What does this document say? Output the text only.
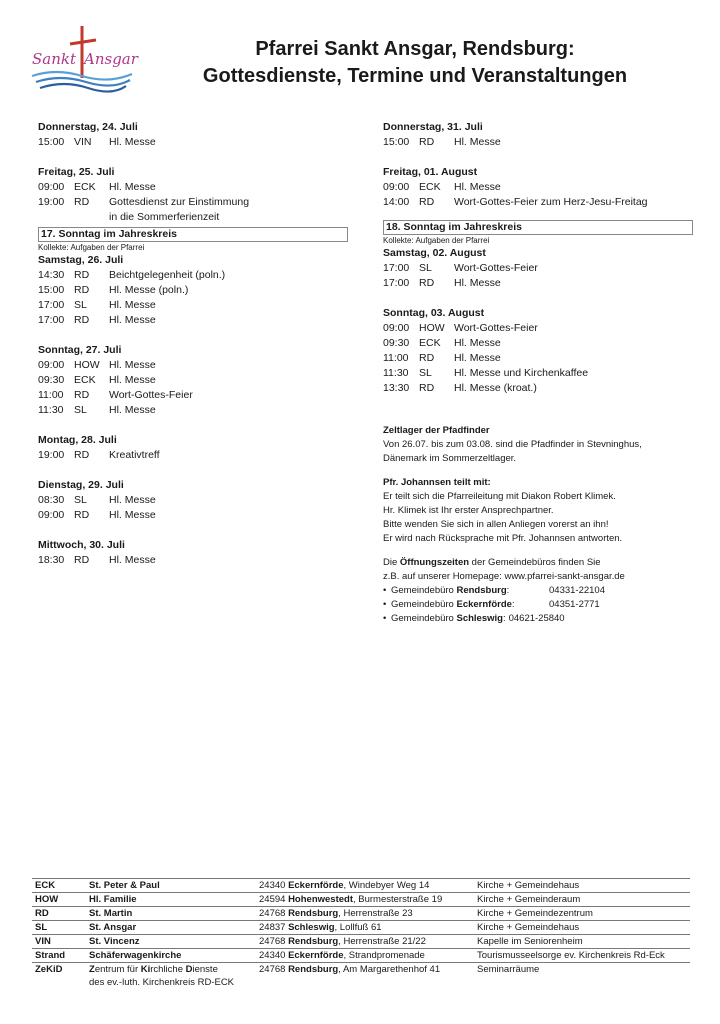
Sankt Ansgar	Pfarrei Sankt Ansgar, Rendsburg:
Gottesdienste, Termine und Veranstaltungen
Donnerstag, 24. Juli
15:00 VIN	Hl. Messe
Freitag, 25. Juli
09:00 ECK	Hl. Messe
19:00 RD	Gottesdienst zur Einstimmung
in die Sommerferienzeit
17. Sonntag im Jahreskreis
Kollekte: Aufgaben der Pfarrei
Samstag, 26. Juli
14:30 RD	Beichtgelegenheit (poln.)
15:00 RD	Hl. Messe (poln.)
17:00 SL	Hl. Messe
17:00 RD	Hl. Messe
Sonntag, 27. Juli
09:00 HOW Hl. Messe
09:30 ECK	Hl. Messe
11:00	RD	Wort-Gottes-Feier
11:30	SL	Hl. Messe
Montag, 28. Juli
19:00 RD	Kreativtreff
Dienstag, 29. Juli
08:30 SL	Hl. Messe
09:00 RD	Hl. Messe
Mittwoch, 30. Juli
18:30 RD	Hl. Messe
Donnerstag, 31. Juli
15:00 RD	Hl. Messe
Freitag, 01. August
09:00 ECK	Hl. Messe
14:00 RD	Wort-Gottes-Feier zum Herz-Jesu-Freitag
18. Sonntag im Jahreskreis
Kollekte: Aufgaben der Pfarrei
Samstag, 02. August
17:00 SL	Wort-Gottes-Feier
17:00 RD	Hl. Messe
Sonntag, 03. August
09:00 HOW Wort-Gottes-Feier
09:30 ECK	Hl. Messe
11:00	RD	Hl. Messe
11:30	SL	Hl. Messe und Kirchenkaffee
13:30 RD	Hl. Messe (kroat.)
Zeltlager der Pfadfinder
Von 26.07. bis zum 03.08. sind die Pfadfinder in Stevninghus,
Dänemark im Sommerzeltlager.
Pfr. Johannsen teilt mit:
Er teilt sich die Pfarreileitung mit Diakon Robert Klimek.
Hr. Klimek ist Ihr erster Ansprechpartner.
Bitte wenden Sie sich in allen Anliegen vorerst an ihn!
Er wird nach Rücksprache mit Pfr. Johannsen antworten.
Die Öffnungszeiten der Gemeindebüros finden Sie
z.B. auf unserer Homepage: www.pfarrei-sankt-ansgar.de
• Gemeindebüro Rendsburg:	04331-22104
• Gemeindebüro Eckernförde:	04351-2771
• Gemeindebüro Schleswig: 04621-25840
ECK	St. Peter & Paul	24340 Eckernförde, Windebyer Weg 14	Kirche + Gemeindehaus
HOW	Hl. Familie	24594 Hohenwestedt, Burmesterstraße 19	Kirche + Gemeinderaum
RD	St. Martin	24768 Rendsburg, Herrenstraße 23	Kirche + Gemeindezentrum
SL	St. Ansgar	24837 Schleswig, Lollfuß 61	Kirche + Gemeindehaus
VIN	St. Vincenz	24768 Rendsburg, Herrenstraße 21/22	Kapelle im Seniorenheim
Strand	Schäferwagenkirche	24340 Eckernförde, Strandpromenade	Tourismusseelsorge ev. Kirchenkreis Rd-Eck
ZeKiD	Zentrum für Kirchliche Dienste
des ev.-luth. Kirchenkreis RD-ECK	24768 Rendsburg, Am Margarethenhof 41	Seminarräume
